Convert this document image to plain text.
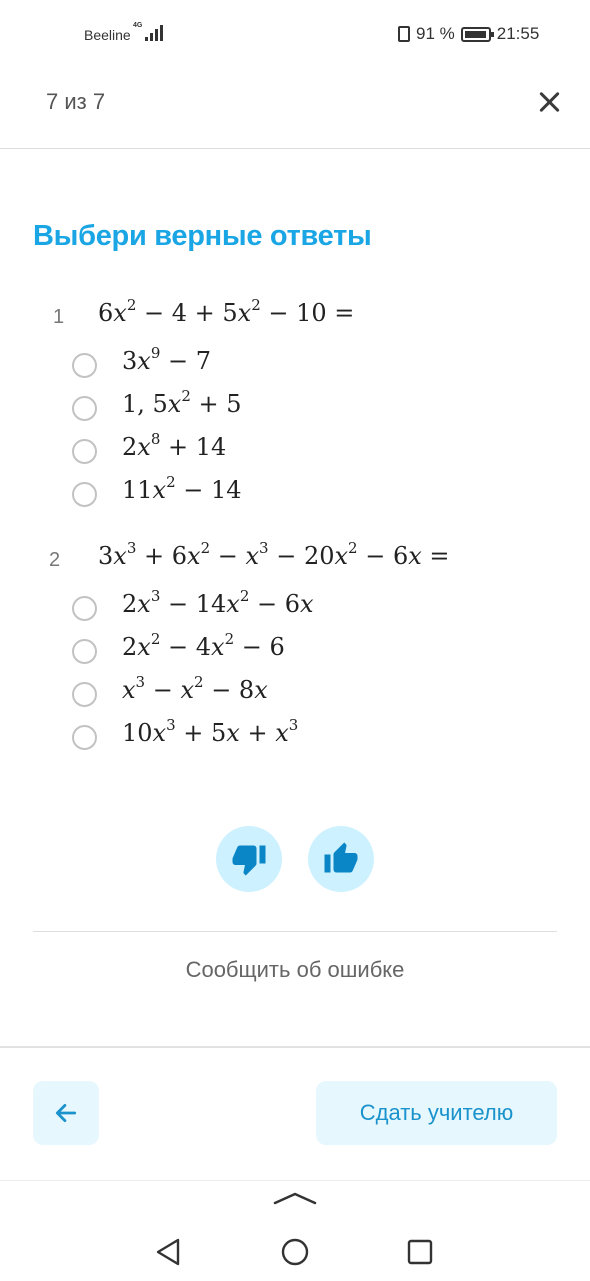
Beeline
4G	91 % 21:55
7 из 7
Выбери верные ответы
1 $6x^2 - 4 + 5x^2 - 10$ =
$3x^9 - 7$
1, $5x^2 + 5$
$2x^8 + 14$
$11x^2 - 14$
2 $3x^3 + 6x^2 - x^3 - 20x^2 - 6x$ =
$2x^3 - 14x^2 - 6x$
$2x^2 - 4x^2 - 6$
$x^3 - x^2 - 8x$
$10x^3 + 5x + x^3$
Сообщить об ошибке
Сдать учителю
